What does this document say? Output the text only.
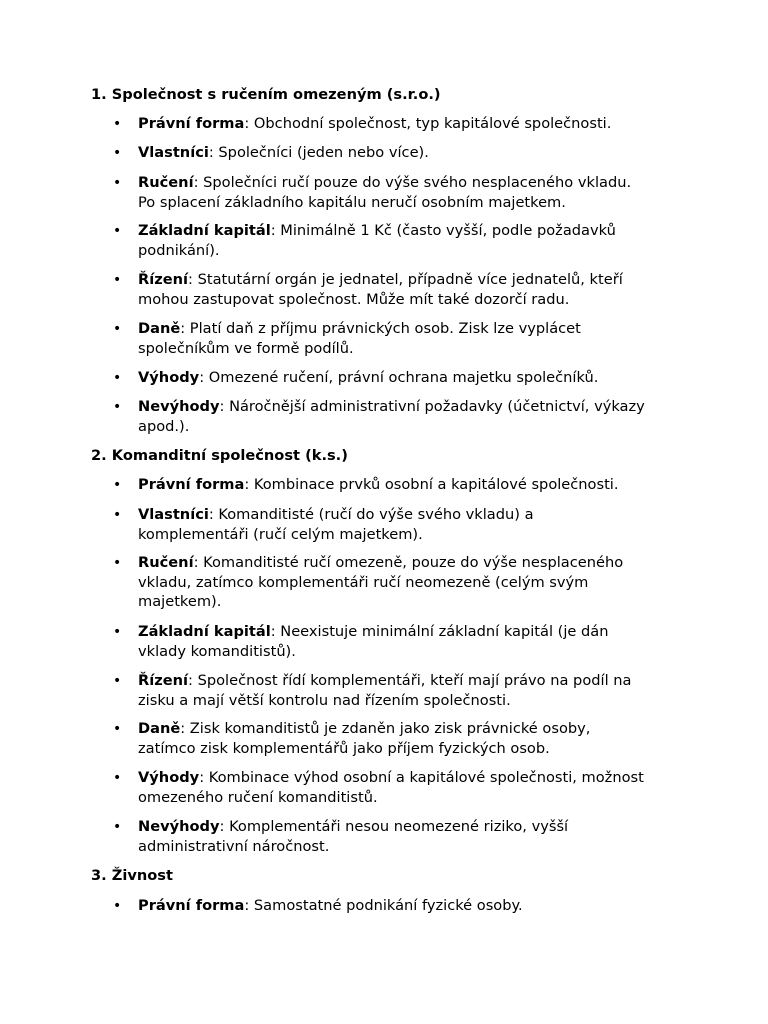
1. Společnost s ručením omezeným (s.r.o.)
• Právní forma: Obchodní společnost, typ kapitálové společnosti.
• Vlastníci: Společníci (jeden nebo více).
• Ručení: Společníci ručí pouze do výše svého nesplaceného vkladu.
Po splacení základního kapitálu neručí osobním majetkem.
• Základní kapitál: Minimálně 1 Kč (často vyšší, podle požadavků
podnikání).
• Řízení: Statutární orgán je jednatel, případně více jednatelů, kteří
mohou zastupovat společnost. Může mít také dozorčí radu.
• Daně: Platí daň z příjmu právnických osob. Zisk lze vyplácet
společníkům ve formě podílů.
• Výhody: Omezené ručení, právní ochrana majetku společníků.
• Nevýhody: Náročnější administrativní požadavky (účetnictví, výkazy
apod.).
2. Komanditní společnost (k.s.)
• Právní forma: Kombinace prvků osobní a kapitálové společnosti.
• Vlastníci: Komanditisté (ručí do výše svého vkladu) a
komplementáři (ručí celým majetkem).
• Ručení: Komanditisté ručí omezeně, pouze do výše nesplaceného
vkladu, zatímco komplementáři ručí neomezeně (celým svým
majetkem).
• Základní kapitál: Neexistuje minimální základní kapitál (je dán
vklady komanditistů).
• Řízení: Společnost řídí komplementáři, kteří mají právo na podíl na
zisku a mají větší kontrolu nad řízením společnosti.
• Daně: Zisk komanditistů je zdaněn jako zisk právnické osoby,
zatímco zisk komplementářů jako příjem fyzických osob.
• Výhody: Kombinace výhod osobní a kapitálové společnosti, možnost
omezeného ručení komanditistů.
• Nevýhody: Komplementáři nesou neomezené riziko, vyšší
administrativní náročnost.
3. Živnost
• Právní forma: Samostatné podnikání fyzické osoby.
